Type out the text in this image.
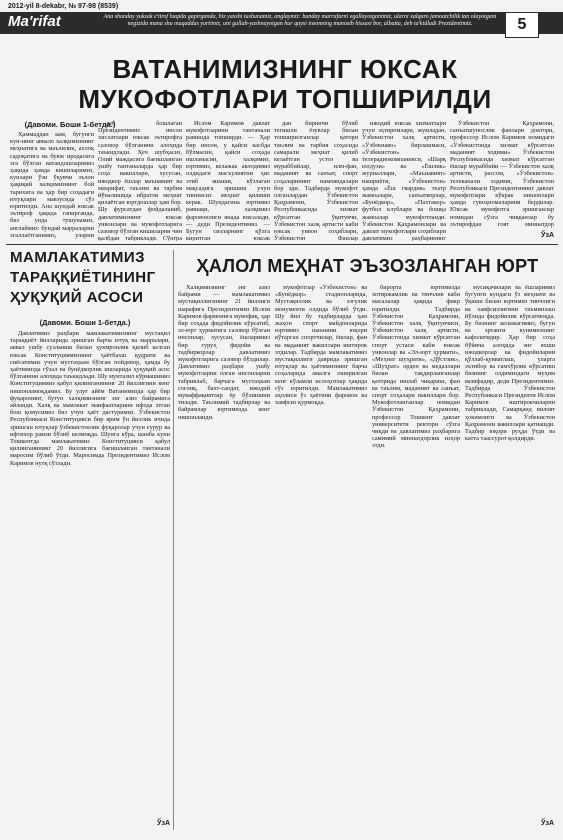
2012-yil 8-dekabr, № 97-98 (8539)
Ma'rifat	Ana shunday yuksak e'tirof haqida gapirganda, biz yaxshi tushunamiz, anglaymiz: bunday marrafarni egallayotganimiz, ularni xalqaro jamoatchilik tan olayotgani negizida mana shu muqaddas yurtimiz, uni gullab-yashnayotgan hur qaysi insonning munosib hissasi bor, albatta, deb ta'kidladi Prezidentimiz.	5
ВАТАНИМИЗНИНГ ЮКСАК
МУКОФОТЛАРИ ТОПШИРИЛДИ
(Давоми. Боши 1-бетда.)

Ҳаммаддан кам, бугунги кун-нинг аввало халқимизнинг меҳнатига ва маълилик, ахлоқ садоқатига ва буюк иродасига эга бўлган ватандошларимиз ҳақида ҳамда кишиларимиз, кунлари ўзи ўқувчи эълон ҳақиқий халқимизнинг бой тарихига ва ҳар бир соҳадаги ютуқлари мавзусида сўз юритилди. Ана шундай юксак эътироф ҳақида гапирганда, биз унда тушунамиз, англаймиз: бундай марраларни эгаллаётганимиз, уларни

деб бошлаган Президентимиз инсон хислатлари юксак эътирофга сазовор бўлганини алоҳида таъкидлади. Ҳеч шубҳасиз, Олий маждасига бағишланган ушбу тантаналарда ҳар бир соҳа вакиллари, хусусан, ижодкор ёшлар маънавият ва маърифат, таълим ва тарбия йўналишида ибратли меҳнат қилаётган юртдошлар ҳам бор. Шу фурсатдан фойдаланиб, давлатимизнинг юксак унвонлари ва мукофотларига сазовор бўлган кишиларни чин қалбдан табриклади. Сўнгра

Ислом Каримов давлат мукофотларини тантанали равишда топширди. — Ҳар бир инсон, у қайси касбда бўлмасин, қайси соҳада ишламасин, халқимиз, юртимиз, келажак авлодимиз олдидаги масъулиятни ҳис этиб яшаши, кўзлаган мақсадига эришиш учун тинимсиз меҳнат қилиши керак. Шундагина юртимиз равнақи, халқимиз фаровонлиги янада юксалади, — деди Президентимиз. — Бугун сизларнинг қўлга киритган юксак

дан биринчи бўлиб тегишли ёзувлар билан топширилганлар қатори таълим ва тарбия соҳасида самарали меҳнат қилиб келаётган устоз ва мураббийлар, илм-фан, маданият ва санъат, спорт соҳаларининг намояндалари бор эди. Тадбирда мукофот олганлардан Ўзбекистон Қаҳрамони, Ўзбекистон Республикасида хизмат кўрсатган ўқитувчи, Ўзбекистон халқ артисти каби юксак унвон соҳиблари, Ўзбекистон Фанлар

ижодий юксак хизматлари учун эҳтиромлари, жумладан, Ўзбекистон халқ артисти, «Ўзбекнаво» бирлашмаси, «Ўзбекистон» телерадиокомпанияси, «Шарқ юлдузи» ва «Ёшлик» журналлари, «Маънавият» нашриёти, «Ўзбекистон» ҳамда «Ёш гвардия» театр жамоалари, санъаткорлар, «Бунёдкор», «Пахтакор» футбол клублари ва бошқа жамоалар мукофотланди. Ўзбекистон Қаҳрамонлари ва давлат мукофотлари соҳиблари давлатимиз раҳбарининг

Ўзбекистон Қаҳрамони, санъатшунослик фанлари доктори, профессор Ислом Каримов номидаги «Ўзбекистонда хизмат кўрсатган маданият ходими» Ўзбекистон Республикасида хизмат кўрсатган ёшлар мураббийи — Ўзбекистон халқ артисти, рассом, «Ўзбекистон» телеканали ходими, Ўзбекистон Республикаси Президентининг давлат мукофотлари кўкрак нишонлари ҳамда гувоҳномаларини бердилар. Юксак мукофотга эришганлар номидан сўзга чиққанлар бу эътирофдан ғоят миннатдор

ЎзА
МАМЛАКАТИМИЗ
ТАРАҚҚИЁТИНИНГ
ҲУҚУҚИЙ АСОСИ
(Давоми. Боши 1-бетда.)

Давлатимиз раҳбари мамлакатимизнинг мустақил тараққиёт йилларида эришган барча ютуқ ва марралари, аввал ушбу сузланиш билан ҳукмронлик қилиб келган юксак Конституциямизнинг ҳаётбахш қудрати ва сиёсатимиз учун мустаҳкам бўлган пойдевор, ҳамда бу ҳаётимизда гўзал ва бунёдкорлик ишларида ҳуқуқий асос бўлганини алоҳида таъкидлади. Шу мунтазил кўрмашимиз Конституциямиз қабул қилинганининг 20 йиллигини кенг нишонламоқдамиз. Бу улуғ айём Ватанимизда ҳар бир фуқаронинг, бутун халқимизнинг энг азиз байрамига айланди. Халқ ва мамлакат манфаатларини ифода этган бош қомусимиз биз учун ҳаёт дастуримиз. Ўзбекистон Республикаси Конституцияси бир ярим ўн йиллик ичида эришган ютуқлар ўзбекистонлик фуқаролар учун ғурур ва ифтихор рамзи бўлиб келмоқда. Шунга кўра, шанба куни Тошкентда мамлакатимиз Конституцияси қабул қилинганининг 20 йиллигига бағишланган тантанали маросим бўлиб ўтди. Маросимда Президентимиз Ислом Каримов нутқ сўзлади.

ЎзА
ҲАЛОЛ МЕҲНАТ ЭЪЗОЗЛАНГАН ЮРТ

Халқимизнинг энг азиз байрами — мамлакатимиз мустақиллигининг 21 йиллиги шарафига Президентимиз Ислом Каримов фармонига мувофиқ, ҳар бир соҳада фидойилик кўрсатиб, эл-юрт ҳурматига сазовор бўлган инсонлар, хусусан, ёшларимиз бир гуруҳ фидойи ва тадбиркорлар давлатимиз мукофотларига сазовор бўлдилар. Давлатимиз раҳбари ушбу мукофотларни олган инсонларни табриклаб, барчага мустаҳкам соғлиқ, бахт-саодат, ижодий муваффақиятлар ёр бўлишини тилади. Таълимий тадбирлар ва байрамлар юртимизда кенг нишонланди.

мукофотлар «Ўзбекистон» ва «Бунёдкор» стадионларида, Мустақиллик ва эзгулик монументи олдида бўлиб ўтди. Шу йил бу тадбирларда ҳам жаҳон спорт майдонларида юртимиз шаънини юқори кўтарган спортчилар, ёшлар, фан ва маданият вакиллари иштирок этдилар. Тадбирда мамлакатимиз мустақиллиги даврида эришган ютуқлар ва ҳаётимизнинг барча соҳаларида амалга оширилган кенг кўламли ислоҳотлар ҳақида сўз юритилди. Мамлакатимиз аҳолиси ўз ҳаётини фаровон ва хавфсиз қурмоқда.

бирорта юртимизда хотиржамлик ва тинчлик каби масалалар ҳақида фикр юритилди. Тадбирда Ўзбекистон Қаҳрамони, Ўзбекистон халқ ўқитувчиси, Ўзбекистон халқ артисти, Ўзбекистонда хизмат кўрсатган спорт устаси каби юксак унвонлар ва «Эл-юрт ҳурмати», «Меҳнат шуҳрати», «Дўстлик», «Шуҳрат» орден ва медаллари билан тақдирланганлар қаторида ишлаб чиқариш, фан ва таълим, маданият ва санъат, спорт соҳалари вакиллари бор. Мукофотланганлар номидан Ўзбекистон Қаҳрамони, профессор Тошкент давлат университети ректори сўзга чиқди ва давлатимиз раҳбарига самимий миннатдорлик изҳор этди.

мусиқачилари ва ёшларимиз бугунги кундаги ўз меҳнати ва ўқиши билан юртимиз тинчлиги ва хавфсизлигини таъминлаш йўлида фидойилик кўрсатмоқда. Бу бизнинг келажагимиз, бугун ва эртанги кунимизнинг кафолатидир. Ҳар бир соҳа бўйича алоҳида энг яхши ижодкорлар ва фидойиларни қўллаб-қувватлаш, уларга эътибор ва ғамхўрлик кўрсатиш бизнинг олдимиздаги муҳим вазифадир, деди Президентимиз. Тадбирда Ўзбекистон Республикаси Президенти Ислом Каримов иштирокчиларни табриклади, Самарқанд вилоят ҳокимлиги ва Ўзбекистон Қаҳрамони вакиллари қатнашди. Тадбир юқори руҳда ўтди ва катта таассурот қолдирди.

ЎзА
